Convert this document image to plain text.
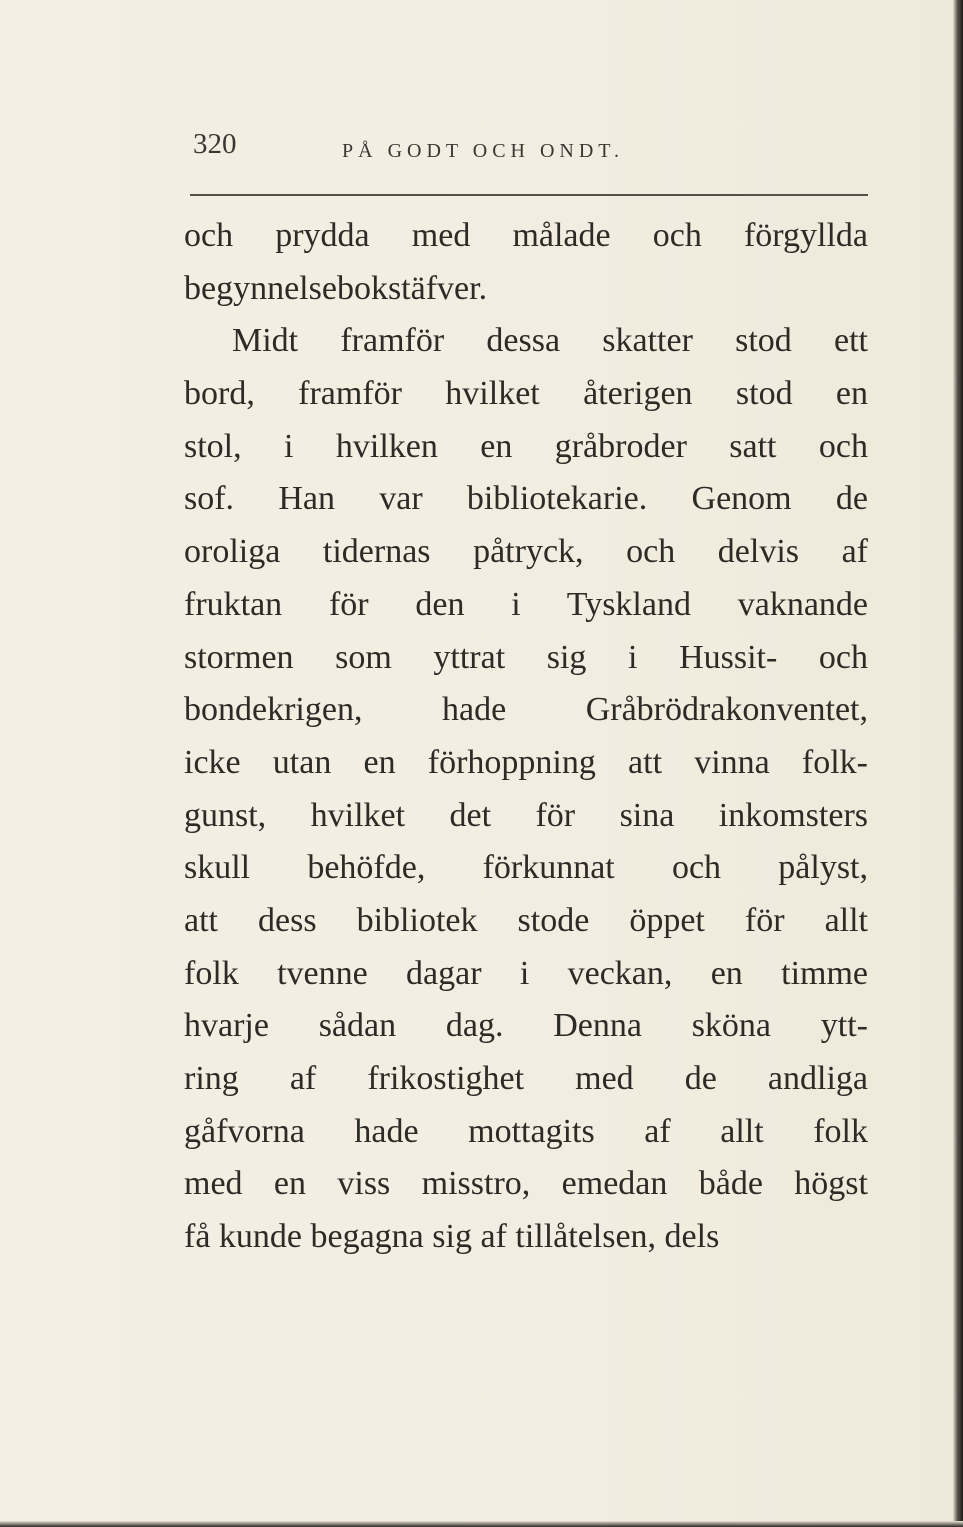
320	PÅ GODT OCH ONDT.
och prydda med målade och förgyllda
begynnelsebokstäfver.
Midt framför dessa skatter stod ett
bord, framför hvilket återigen stod en
stol, i hvilken en gråbroder satt och
sof. Han var bibliotekarie. Genom de
oroliga tidernas påtryck, och delvis af
fruktan för den i Tyskland vaknande
stormen som yttrat sig i Hussit- och
bondekrigen, hade Gråbrödrakonventet,
icke utan en förhoppning att vinna folk-
gunst, hvilket det för sina inkomsters
skull behöfde, förkunnat och pålyst,
att dess bibliotek stode öppet för allt
folk tvenne dagar i veckan, en timme
hvarje sådan dag. Denna sköna ytt-
ring af frikostighet med de andliga
gåfvorna hade mottagits af allt folk
med en viss misstro, emedan både högst
få kunde begagna sig af tillåtelsen, dels
